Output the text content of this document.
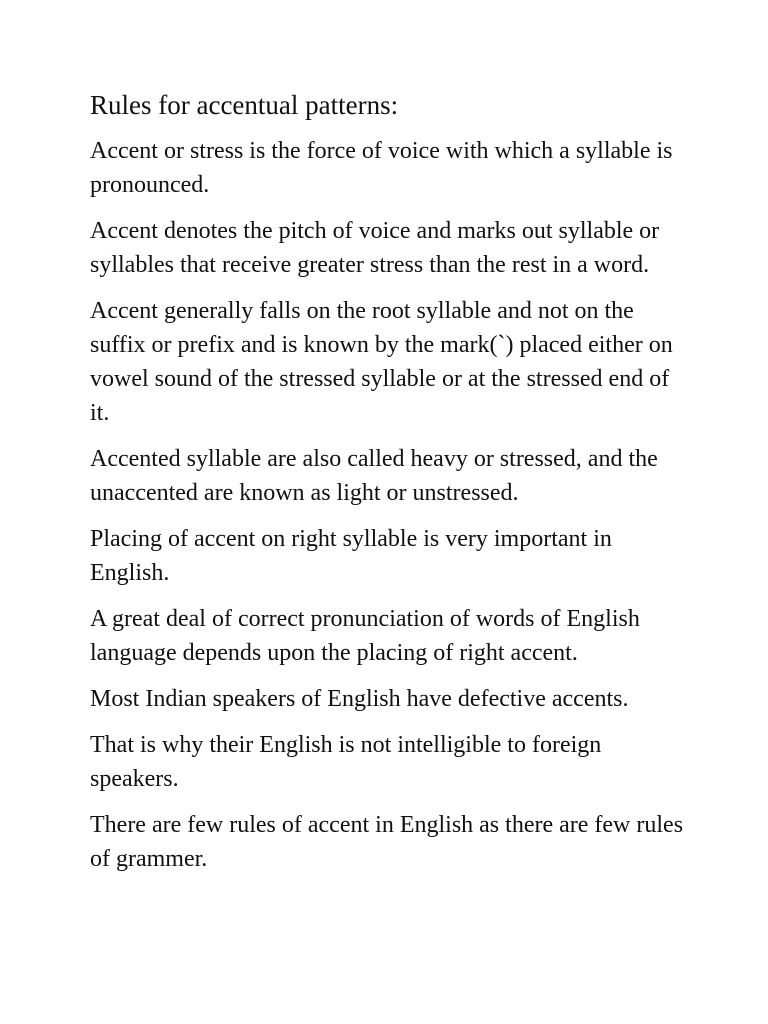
Rules for accentual patterns:
Accent or stress is the force of voice with which a syllable is pronounced.
Accent denotes the pitch of voice and marks out syllable or syllables that receive greater stress than the rest in a word.
Accent generally falls on the root syllable and not on the suffix or prefix and is known by the mark(`) placed either on vowel sound of the stressed syllable or at the stressed end of it.
Accented syllable are also called heavy or stressed, and the unaccented are known as light or unstressed.
Placing of accent on right syllable is very important in English.
A great deal of correct pronunciation of words of English language depends upon the placing of right accent.
Most Indian speakers of English have defective accents.
That is why their English is not intelligible to foreign speakers.
There are few rules of accent in English as there are few rules of grammer.
